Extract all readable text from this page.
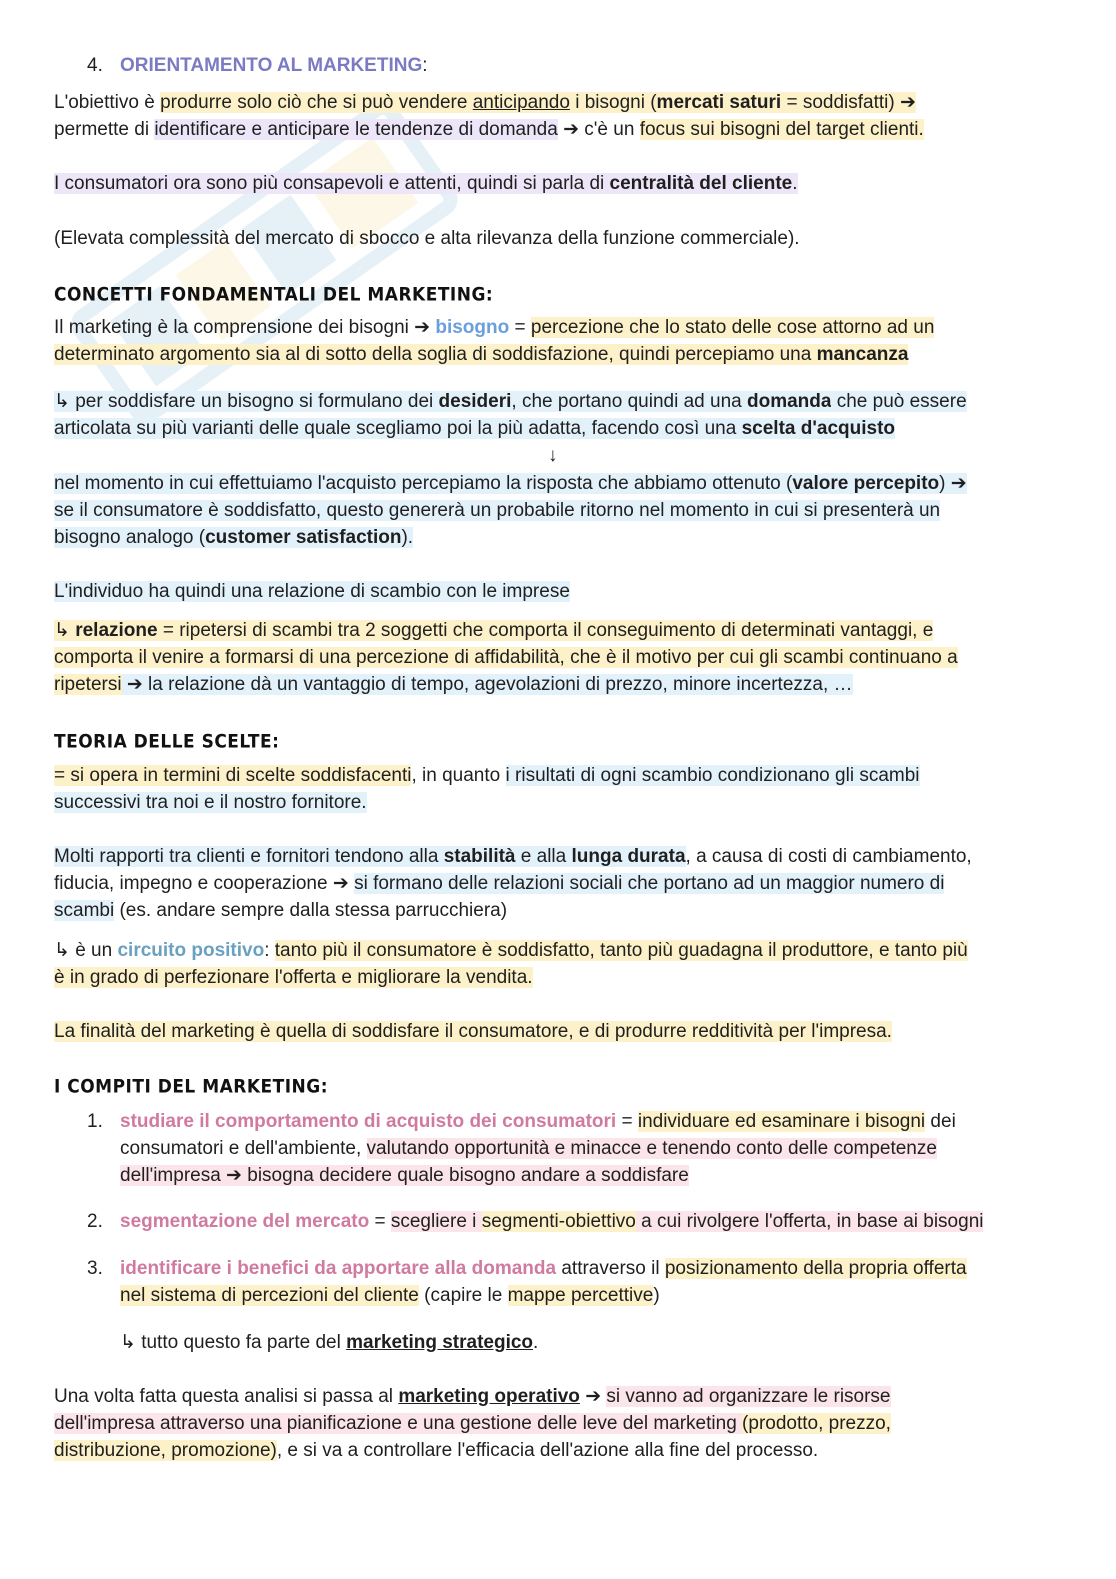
4. ORIENTAMENTO AL MARKETING:
L'obiettivo è produrre solo ciò che si può vendere anticipando i bisogni (mercati saturi = soddisfatti) ➔
permette di identificare e anticipare le tendenze di domanda ➔ c'è un focus sui bisogni del target clienti.
I consumatori ora sono più consapevoli e attenti, quindi si parla di centralità del cliente.
(Elevata complessità del mercato di sbocco e alta rilevanza della funzione commerciale).
CONCETTI FONDAMENTALI DEL MARKETING:
Il marketing è la comprensione dei bisogni ➔ bisogno = percezione che lo stato delle cose attorno ad un
determinato argomento sia al di sotto della soglia di soddisfazione, quindi percepiamo una mancanza
↳ per soddisfare un bisogno si formulano dei desideri, che portano quindi ad una domanda che può essere
articolata su più varianti delle quale scegliamo poi la più adatta, facendo così una scelta d'acquisto
↓
nel momento in cui effettuiamo l'acquisto percepiamo la risposta che abbiamo ottenuto (valore percepito) ➔
se il consumatore è soddisfatto, questo genererà un probabile ritorno nel momento in cui si presenterà un
bisogno analogo (customer satisfaction).
L'individuo ha quindi una relazione di scambio con le imprese
↳ relazione = ripetersi di scambi tra 2 soggetti che comporta il conseguimento di determinati vantaggi, e
comporta il venire a formarsi di una percezione di affidabilità, che è il motivo per cui gli scambi continuano a
ripetersi ➔ la relazione dà un vantaggio di tempo, agevolazioni di prezzo, minore incertezza, …
TEORIA DELLE SCELTE:
= si opera in termini di scelte soddisfacenti, in quanto i risultati di ogni scambio condizionano gli scambi
successivi tra noi e il nostro fornitore.
Molti rapporti tra clienti e fornitori tendono alla stabilità e alla lunga durata, a causa di costi di cambiamento,
fiducia, impegno e cooperazione ➔ si formano delle relazioni sociali che portano ad un maggior numero di
scambi (es. andare sempre dalla stessa parrucchiera)
↳ è un circuito positivo: tanto più il consumatore è soddisfatto, tanto più guadagna il produttore, e tanto più
è in grado di perfezionare l'offerta e migliorare la vendita.
La finalità del marketing è quella di soddisfare il consumatore, e di produrre redditività per l'impresa.
I COMPITI DEL MARKETING:
1. studiare il comportamento di acquisto dei consumatori = individuare ed esaminare i bisogni dei
consumatori e dell'ambiente, valutando opportunità e minacce e tenendo conto delle competenze
dell'impresa ➔ bisogna decidere quale bisogno andare a soddisfare
2. segmentazione del mercato = scegliere i segmenti-obiettivo a cui rivolgere l'offerta, in base ai bisogni
3. identificare i benefici da apportare alla domanda attraverso il posizionamento della propria offerta
nel sistema di percezioni del cliente (capire le mappe percettive)
↳ tutto questo fa parte del marketing strategico.
Una volta fatta questa analisi si passa al marketing operativo ➔ si vanno ad organizzare le risorse
dell'impresa attraverso una pianificazione e una gestione delle leve del marketing (prodotto, prezzo,
distribuzione, promozione), e si va a controllare l'efficacia dell'azione alla fine del processo.
